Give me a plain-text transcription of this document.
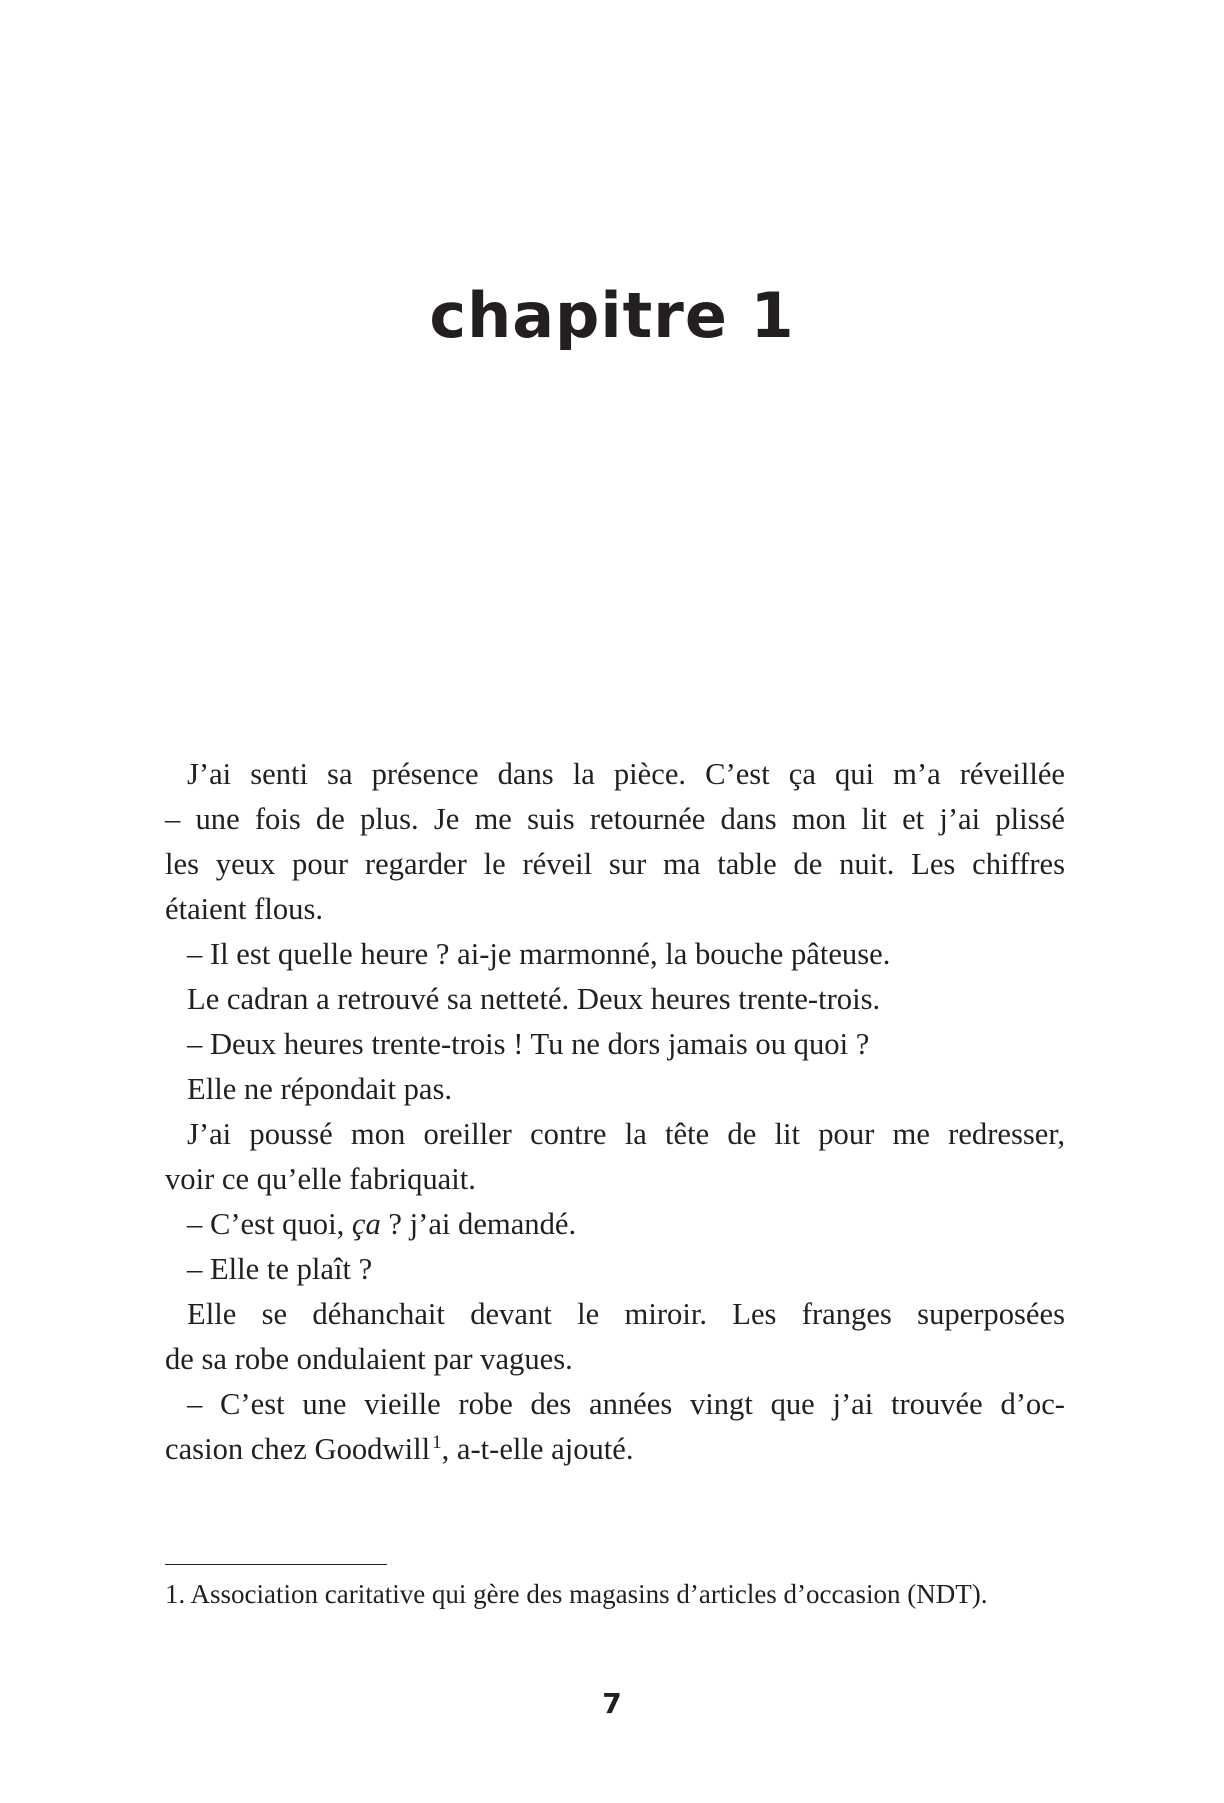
chapitre 1
J’ai senti sa présence dans la pièce. C’est ça qui m’a réveillée
– une fois de plus. Je me suis retournée dans mon lit et j’ai plissé
les yeux pour regarder le réveil sur ma table de nuit. Les chiffres
étaient flous.
– Il est quelle heure ? ai-je marmonné, la bouche pâteuse.
Le cadran a retrouvé sa netteté. Deux heures trente-trois.
– Deux heures trente-trois ! Tu ne dors jamais ou quoi ?
Elle ne répondait pas.
J’ai poussé mon oreiller contre la tête de lit pour me redresser,
voir ce qu’elle fabriquait.
– C’est quoi, ça ? j’ai demandé.
– Elle te plaît ?
Elle se déhanchait devant le miroir. Les franges superposées
de sa robe ondulaient par vagues.
– C’est une vieille robe des années vingt que j’ai trouvée d’oc-
casion chez Goodwill $^1$, a-t-elle ajouté.
1. Association caritative qui gère des magasins d’articles d’occasion (NDT).
7
